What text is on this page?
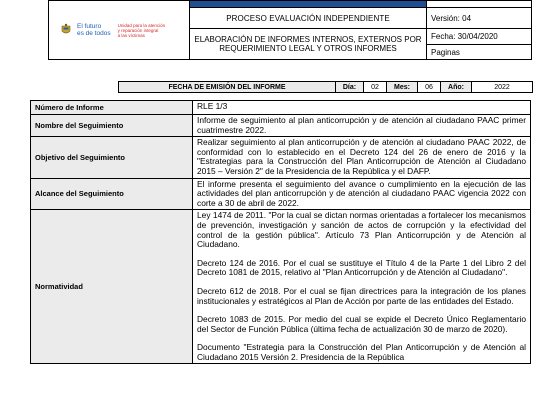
El futuro
es de todos
Unidad para la atención
y reparación integral
a las víctimas		

	PROCESO EVALUACIÓN INDEPENDIENTE	Versión: 04
	ELABORACIÓN DE INFORMES INTERNOS, EXTERNOS POR REQUERIMIENTO LEGAL Y OTROS INFORMES	Fecha: 30/04/2020
		Paginas
FECHA DE EMISIÓN DEL INFORME	Día:	02	Mes:	06	Año:	2022
Número de Informe	RLE 1/3

Nombre del Seguimiento	Informe de seguimiento al plan anticorrupción y de atención al ciudadano PAAC primer cuatrimestre 2022.

Objetivo del Seguimiento	Realizar seguimiento al plan anticorrupción y de atención al ciudadano PAAC 2022, de conformidad con lo establecido en el Decreto 124 del 26 de enero de 2016 y la "Estrategias para la Construcción del Plan Anticorrupción de Atención al Ciudadano 2015 – Versión 2" de la Presidencia de la República y el DAFP.

Alcance del Seguimiento	El informe presenta el seguimiento del avance o cumplimiento en la ejecución de las actividades del plan anticorrupción y de atención al ciudadano PAAC vigencia 2022 con corte a 30 de abril de 2022.

Normatividad	Ley 1474 de 2011. "Por la cual se dictan normas orientadas a fortalecer los mecanismos de prevención, investigación y sanción de actos de corrupción y la efectividad del control de la gestión pública". Artículo 73 Plan Anticorrupción y de Atención al Ciudadano.

Decreto 124 de 2016. Por el cual se sustituye el Título 4 de la Parte 1 del Libro 2 del Decreto 1081 de 2015, relativo al "Plan Anticorrupción y de Atención al Ciudadano".

Decreto 612 de 2018. Por el cual se fijan directrices para la integración de los planes institucionales y estratégicos al Plan de Acción por parte de las entidades del Estado.

Decreto 1083 de 2015. Por medio del cual se expide el Decreto Único Reglamentario del Sector de Función Pública (última fecha de actualización 30 de marzo de 2020).

Documento "Estrategia para la Construcción del Plan Anticorrupción y de Atención al Ciudadano 2015 Versión 2. Presidencia de la República
